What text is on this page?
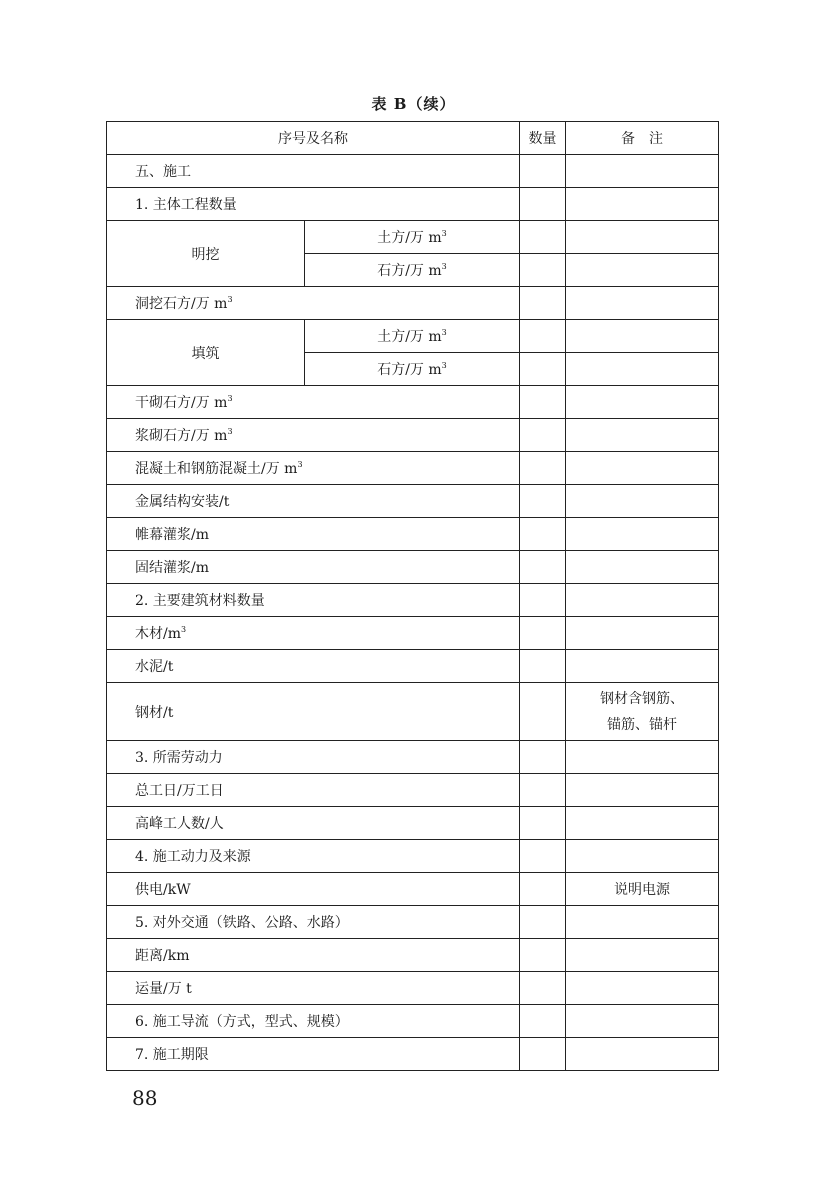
表 B（续）
序号及名称		数量	备　注
五、施工			
1. 主体工程数量			
明挖	土方/万 $m^3$		
	石方/万 $m^3$		
洞挖石方/万 $m^3$		
填筑	土方/万 $m^3$		
	石方/万 $m^3$		
干砌石方/万 $m^3$		
浆砌石方/万 $m^3$		
混凝土和钢筋混凝土/万 $m^3$		
金属结构安装/t			
帷幕灌浆/m			
固结灌浆/m			
2. 主要建筑材料数量			
木材$/m^3$		
水泥/t			
钢材/t			钢材含钢筋、
锚筋、锚杆

3. 所需劳动力			
总工日/万工日			
高峰工人数/人			
4. 施工动力及来源			
供电/kW			说明电源
5. 对外交通（铁路、公路、水路）			
距离/km			
运量/万 t			
6. 施工导流（方式，型式、规模）			
7. 施工期限			
88
